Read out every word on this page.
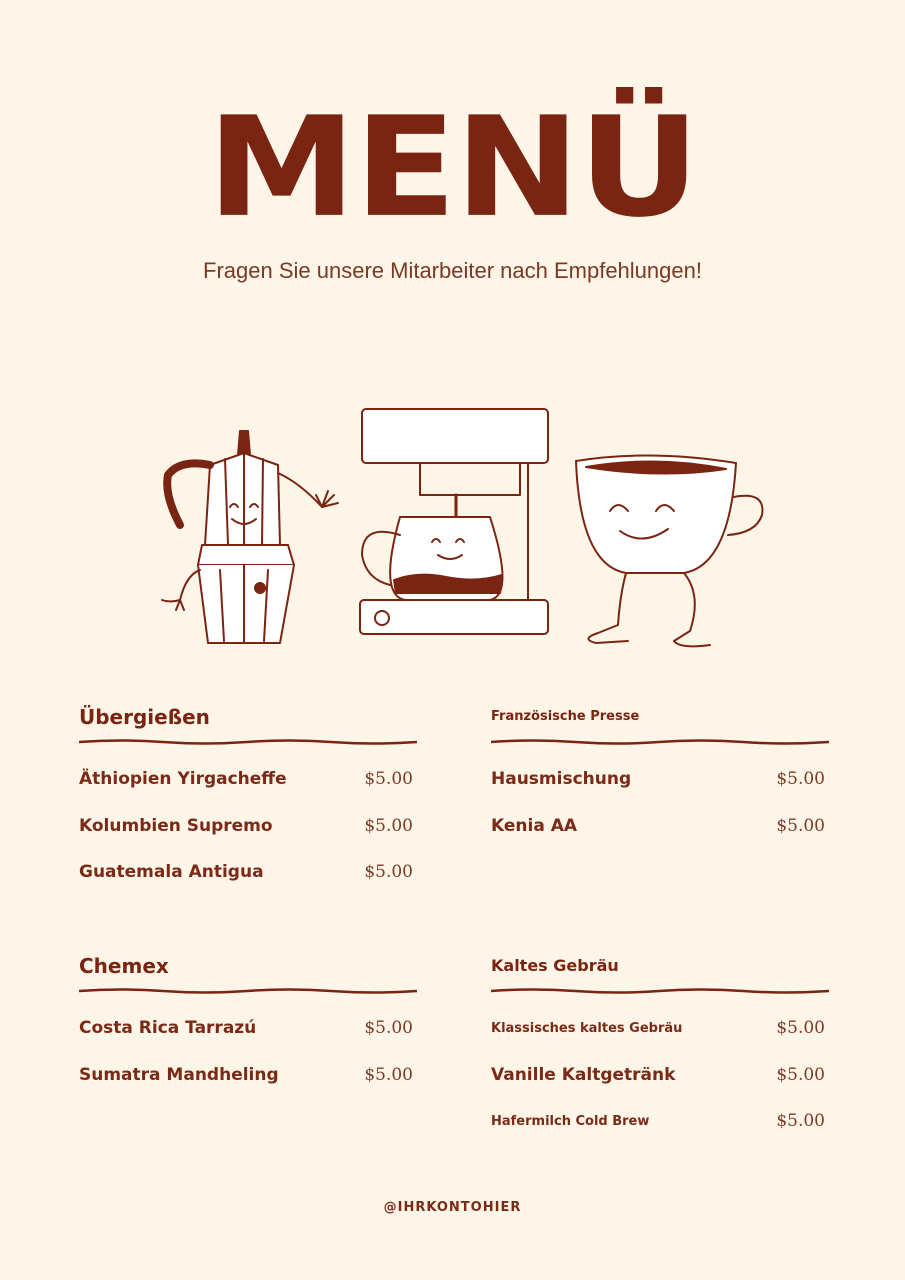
MENÜ
Fragen Sie unsere Mitarbeiter nach Empfehlungen!
Übergießen
Äthiopien Yirgacheffe	$5.00
Kolumbien Supremo	$5.00
Guatemala Antigua	$5.00
Französische Presse
Hausmischung	$5.00
Kenia AA	$5.00
Chemex
Costa Rica Tarrazú	$5.00
Sumatra Mandheling	$5.00
Kaltes Gebräu
Klassisches kaltes Gebräu	$5.00
Vanille Kaltgetränk	$5.00
Hafermilch Cold Brew	$5.00
@IHRKONTOHIER
